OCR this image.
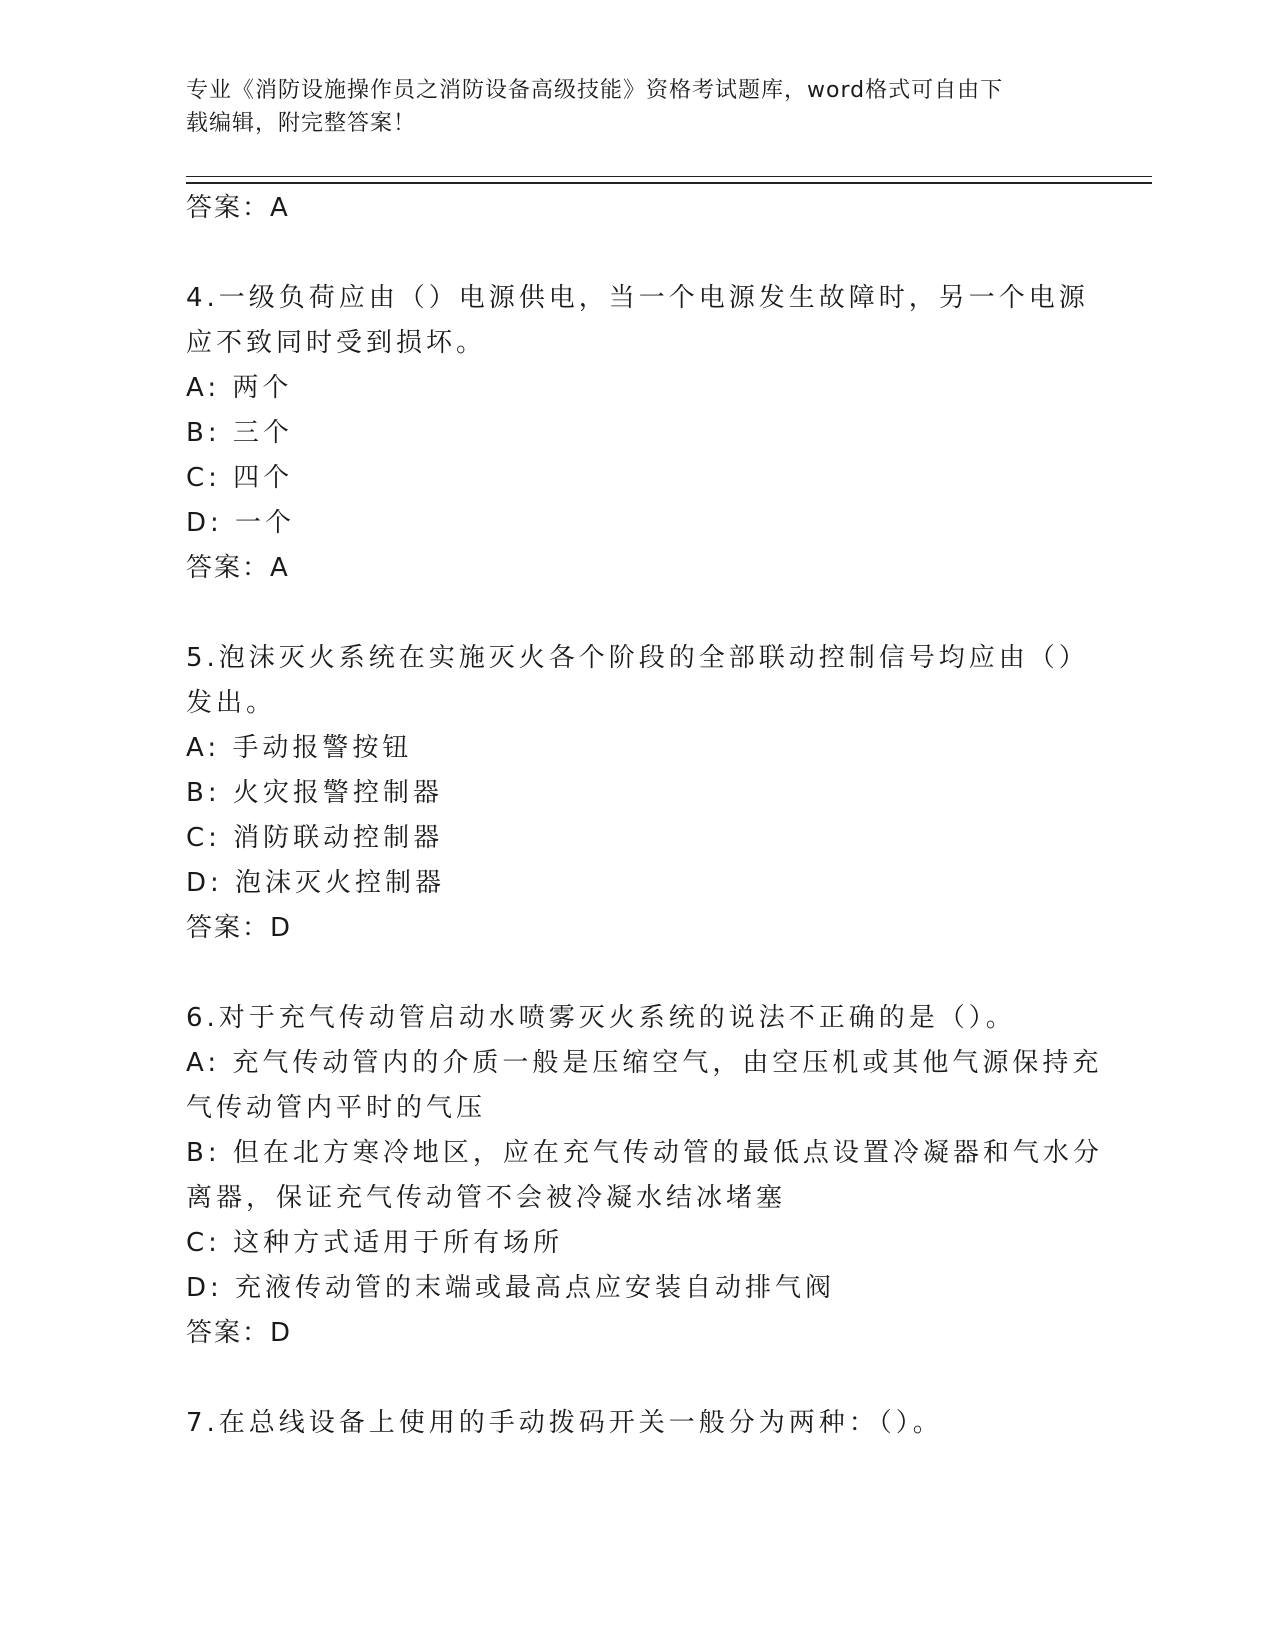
专业《消防设施操作员之消防设备高级技能》资格考试题库，word格式可自由下
载编辑，附完整答案！

答案：A

4.一级负荷应由（）电源供电，当一个电源发生故障时，另一个电源

应不致同时受到损坏。

A: 两个

B: 三个

C: 四个

D: 一个

答案：A

5.泡沫灭火系统在实施灭火各个阶段的全部联动控制信号均应由（）

发出。

A: 手动报警按钮

B: 火灾报警控制器

C: 消防联动控制器

D: 泡沫灭火控制器

答案：D

6.对于充气传动管启动水喷雾灭火系统的说法不正确的是（）。

A: 充气传动管内的介质一般是压缩空气，由空压机或其他气源保持充

气传动管内平时的气压

B: 但在北方寒冷地区，应在充气传动管的最低点设置冷凝器和气水分

离器，保证充气传动管不会被冷凝水结冰堵塞

C: 这种方式适用于所有场所

D: 充液传动管的末端或最高点应安装自动排气阀

答案：D

7.在总线设备上使用的手动拨码开关一般分为两种：（）。
